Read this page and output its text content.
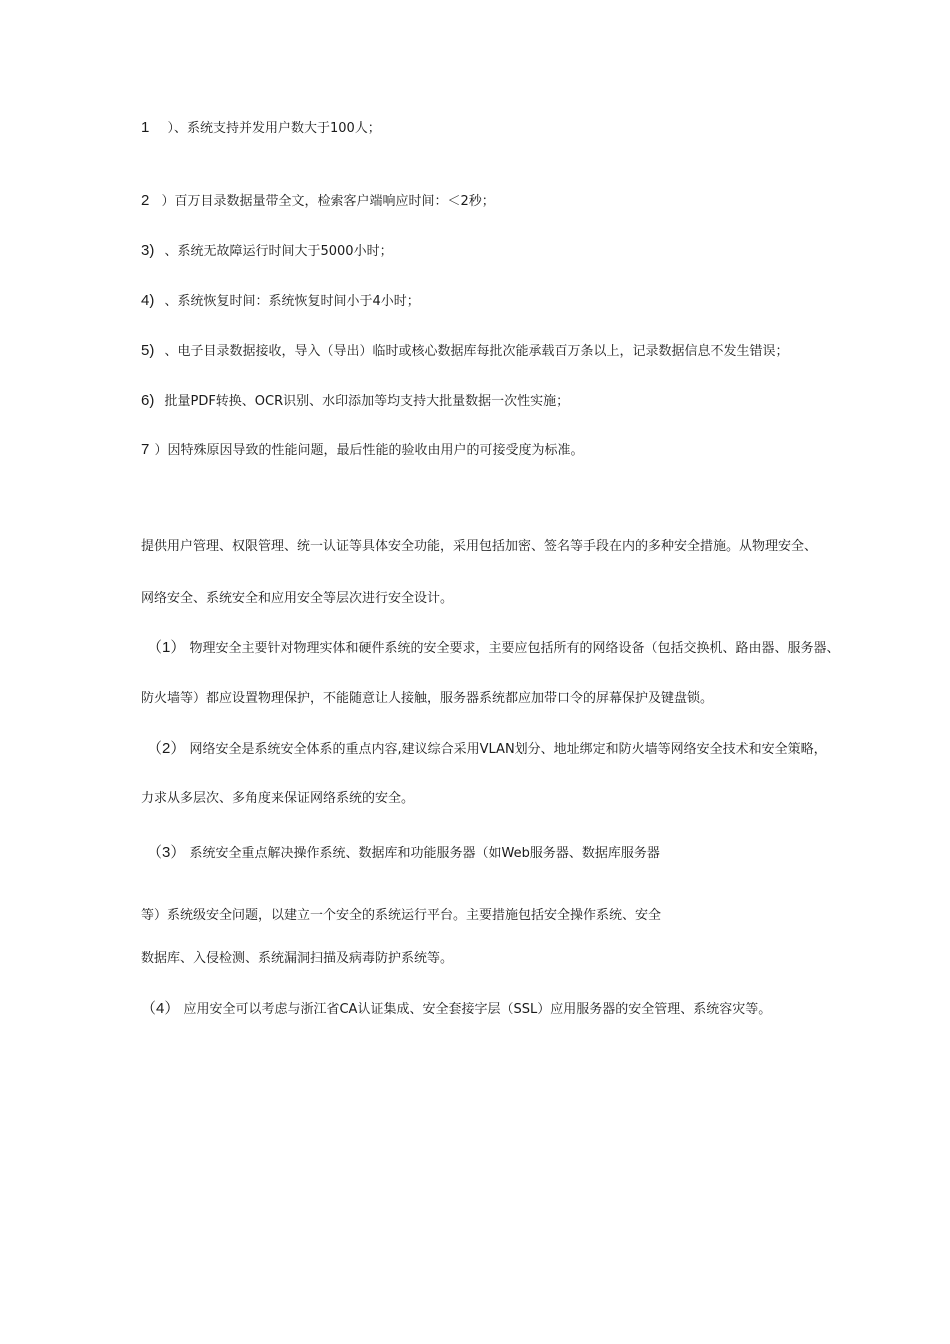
1 ）、系统支持并发用户数大于100人；
2 ）百万目录数据量带全文，检索客户端响应时间：＜2秒；
3) 、系统无故障运行时间大于5000小时；
4) 、系统恢复时间：系统恢复时间小于4小时；
5) 、电子目录数据接收，导入（导出）临时或核心数据库每批次能承载百万条以上，记录数据信息不发生错误；
6) 批量PDF转换、OCR识别、水印添加等均支持大批量数据一次性实施；
7 ）因特殊原因导致的性能问题，最后性能的验收由用户的可接受度为标准。
提供用户管理、权限管理、统一认证等具体安全功能，采用包括加密、签名等手段在内的多种安全措施。从物理安全、
网络安全、系统安全和应用安全等层次进行安全设计。
（1） 物理安全主要针对物理实体和硬件系统的安全要求，主要应包括所有的网络设备（包括交换机、路由器、服务器、
防火墙等）都应设置物理保护，不能随意让人接触，服务器系统都应加带口令的屏幕保护及键盘锁。
（2） 网络安全是系统安全体系的重点内容,建议综合采用VLAN划分、地址绑定和防火墙等网络安全技术和安全策略，
力求从多层次、多角度来保证网络系统的安全。
（3） 系统安全重点解决操作系统、数据库和功能服务器（如Web服务器、数据库服务器
等）系统级安全问题，以建立一个安全的系统运行平台。主要措施包括安全操作系统、安全
数据库、入侵检测、系统漏洞扫描及病毒防护系统等。
（4） 应用安全可以考虑与浙江省CA认证集成、安全套接字层（SSL）应用服务器的安全管理、系统容灾等。
